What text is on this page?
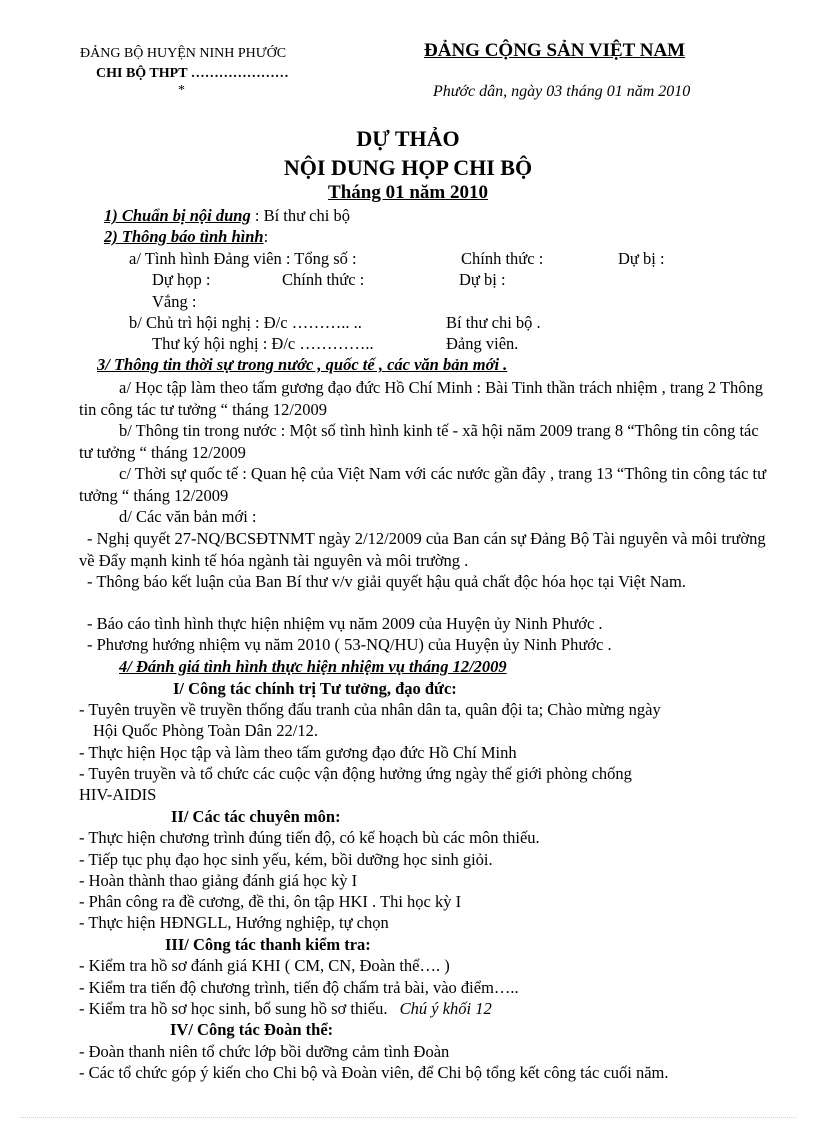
ĐẢNG BỘ HUYỆN NINH PHƯỚC
CHI BỘ THPT …………………
*
ĐẢNG CỘNG SẢN VIỆT NAM
Phước dân, ngày 03 tháng 01 năm 2010
DỰ THẢO
NỘI DUNG HỌP CHI BỘ
Tháng 01 năm 2010
1) Chuẩn bị nội dung : Bí thư chi bộ
2) Thông báo tình hình:
a/ Tình hình Đảng viên : Tổng số :	Chính thức :	Dự bị :
Dự họp :	Chính thức :	Dự bị :
Vắng :
b/ Chủ trì hội nghị : Đ/c ……….. ..	Bí thư chi bộ .
Thư ký hội nghị : Đ/c …………..	Đảng viên.
3/ Thông tin thời sự trong nước , quốc tế , các văn bản mới .
a/ Học tập làm theo tấm gương đạo đức Hồ Chí Minh : Bài Tinh thần trách nhiệm , trang 2 Thông tin công tác tư tưởng “ tháng 12/2009
b/ Thông tin trong nước : Một số tình hình kinh tế - xã hội năm 2009 trang 8 “Thông tin công tác tư tưởng “ tháng 12/2009
c/ Thời sự quốc tế : Quan hệ của Việt Nam với các nước gần đây , trang 13 “Thông tin công tác tư tưởng “ tháng 12/2009
d/ Các văn bản mới :
- Nghị quyết 27-NQ/BCSĐTNMT ngày 2/12/2009 của Ban cán sự Đảng Bộ Tài nguyên và môi trường về Đẩy mạnh kinh tế hóa ngành tài nguyên và môi trường .
- Thông báo kết luận của Ban Bí thư v/v giải quyết hậu quả chất độc hóa học tại Việt Nam.
- Báo cáo tình hình thực hiện nhiệm vụ năm 2009 của Huyện ủy Ninh Phước .
- Phương hướng nhiệm vụ năm 2010 ( 53-NQ/HU) của Huyện ủy Ninh Phước .
4/ Đánh giá tình hình thực hiện nhiệm vụ tháng 12/2009
I/ Công tác chính trị Tư tưởng, đạo đức:
- Tuyên truyền về truyền thống đấu tranh của nhân dân ta, quân đội ta; Chào mừng ngày
Hội Quốc Phòng Toàn Dân 22/12.
- Thực hiện Học tập và làm theo tấm gương đạo đức Hồ Chí Minh
- Tuyên truyền và tổ chức các cuộc vận động hưởng ứng ngày thế giới phòng chống
HIV-AIDIS
II/ Các tác chuyên môn:
- Thực hiện chương trình đúng tiến độ, có kế hoạch bù các môn thiếu.
- Tiếp tục phụ đạo học sinh yếu, kém, bồi dưỡng học sinh giỏi.
- Hoàn thành thao giảng đánh giá học kỳ I
- Phân công ra đề cương, đề thi, ôn tập HKI . Thi học kỳ I
- Thực hiện HĐNGLL, Hướng nghiệp, tự chọn
III/ Công tác thanh kiểm tra:
- Kiểm tra hồ sơ đánh giá KHI ( CM, CN, Đoàn thể…. )
- Kiểm tra tiến độ chương trình, tiến độ chấm trả bài, vào điểm…..
- Kiểm tra hồ sơ học sinh, bổ sung hồ sơ thiếu. Chú ý khối 12
IV/ Công tác Đoàn thể:
- Đoàn thanh niên tổ chức lớp bồi dưỡng cảm tình Đoàn
- Các tổ chức góp ý kiến cho Chi bộ và Đoàn viên, để Chi bộ tổng kết công tác cuối năm.
